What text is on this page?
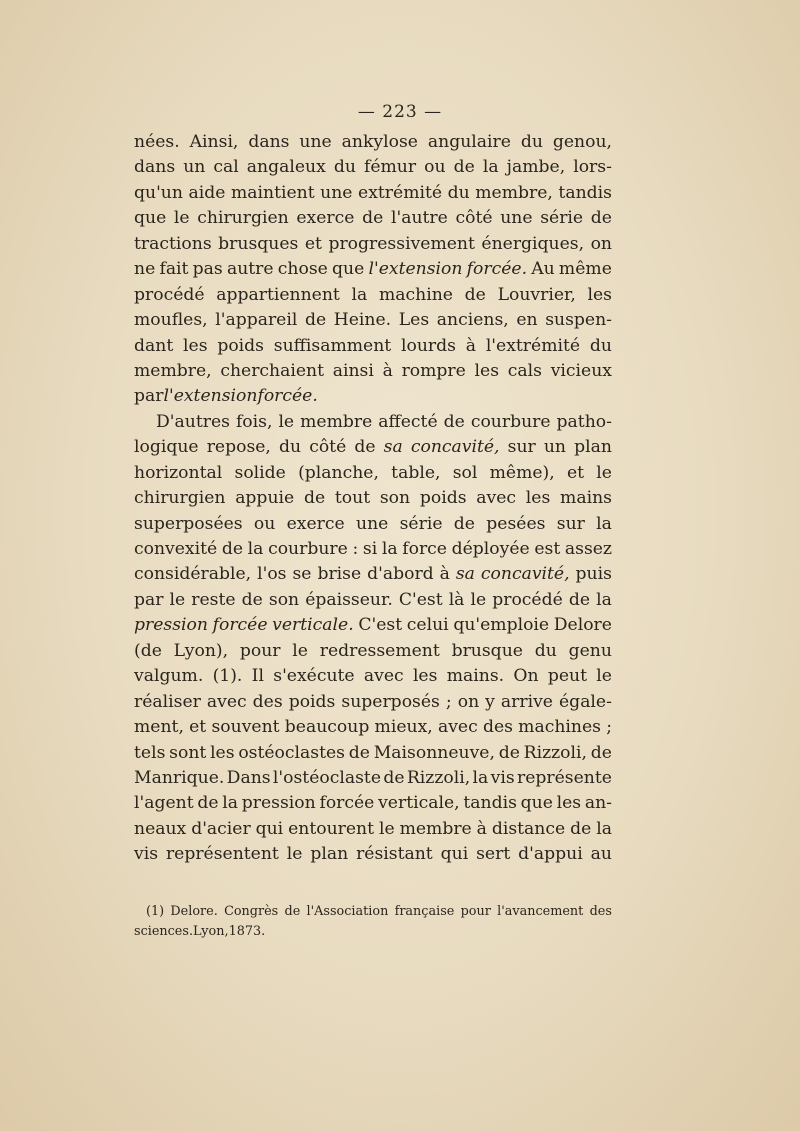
— 223 —
nées. Ainsi, dans une ankylose angulaire du genou,
dans un cal angaleux du fémur ou de la jambe, lors-
qu'un aide maintient une extrémité du membre, tandis
que le chirurgien exerce de l'autre côté une série de
tractions brusques et progressivement énergiques, on
ne fait pas autre chose que l'extension forcée. Au même
procédé appartiennent la machine de Louvrier, les
moufles, l'appareil de Heine. Les anciens, en suspen-
dant les poids suffisamment lourds à l'extrémité du
membre, cherchaient ainsi à rompre les cals vicieux
par l'extension forcée.
D'autres fois, le membre affecté de courbure patho-
logique repose, du côté de sa concavité, sur un plan
horizontal solide (planche, table, sol même), et le
chirurgien appuie de tout son poids avec les mains
superposées ou exerce une série de pesées sur la
convexité de la courbure : si la force déployée est assez
considérable, l'os se brise d'abord à sa concavité, puis
par le reste de son épaisseur. C'est là le procédé de la
pression forcée verticale. C'est celui qu'emploie Delore
(de Lyon), pour le redressement brusque du genu
valgum. (1). Il s'exécute avec les mains. On peut le
réaliser avec des poids superposés ; on y arrive égale-
ment, et souvent beaucoup mieux, avec des machines ;
tels sont les ostéoclastes de Maisonneuve, de Rizzoli, de
Manrique. Dans l'ostéoclaste de Rizzoli, la vis représente
l'agent de la pression forcée verticale, tandis que les an-
neaux d'acier qui entourent le membre à distance de la
vis représentent le plan résistant qui sert d'appui au
(1) Delore. Congrès de l'Association française pour l'avancement des
sciences. Lyon, 1873.
